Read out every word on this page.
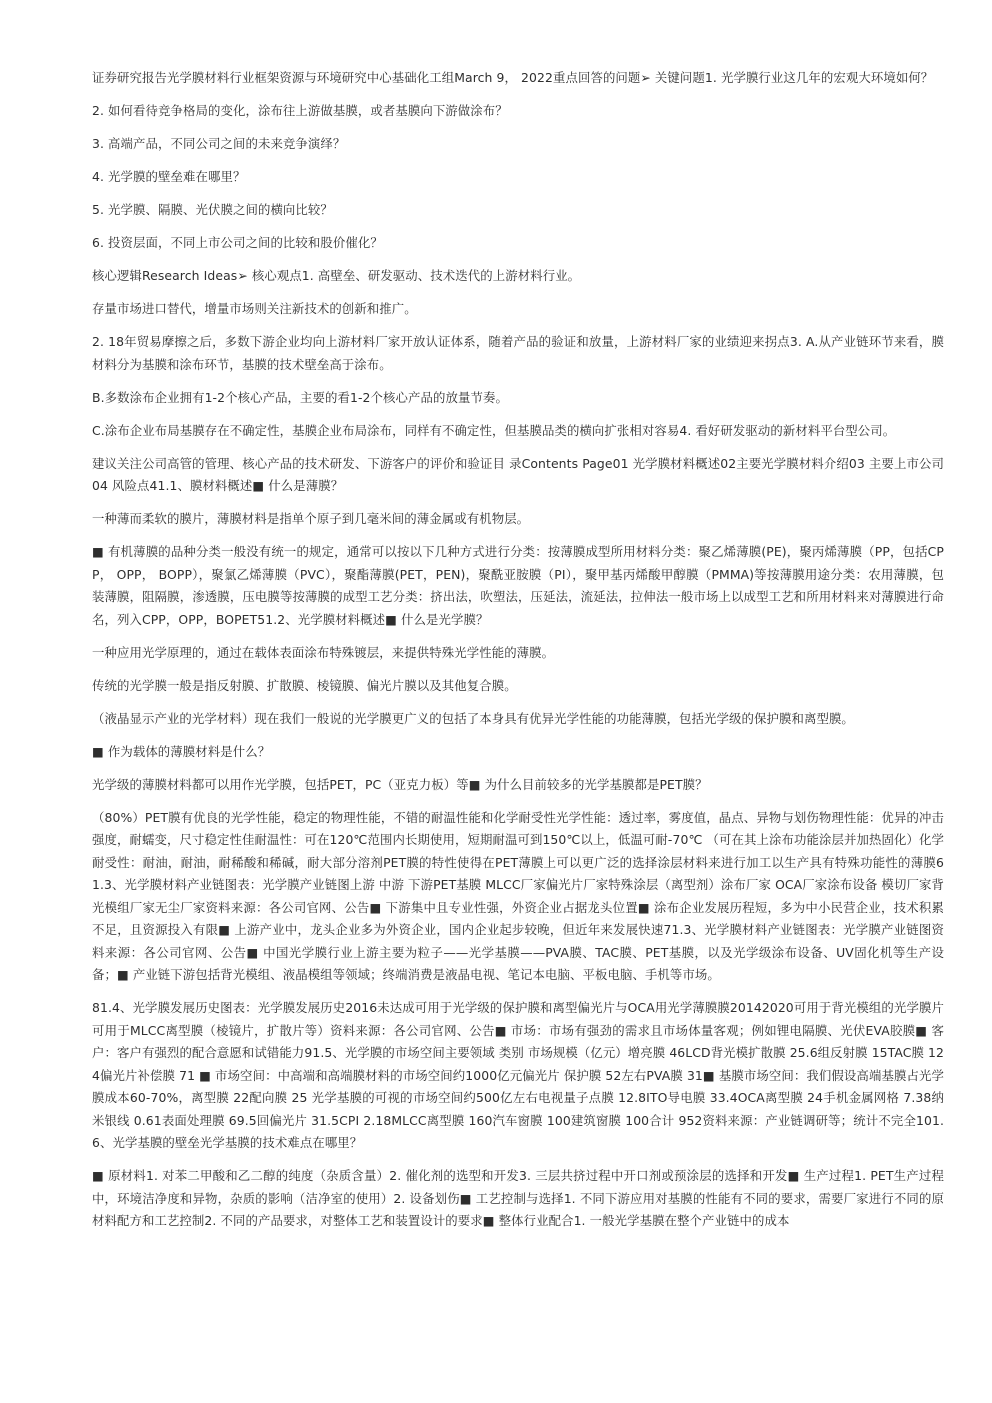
证券研究报告光学膜材料行业框架资源与环境研究中心基础化工组March 9， 2022重点回答的问题➢ 关键问题1. 光学膜行业这几年的宏观大环境如何？

2. 如何看待竞争格局的变化，涂布往上游做基膜，或者基膜向下游做涂布？

3. 高端产品，不同公司之间的未来竞争演绎？

4. 光学膜的壁垒难在哪里？

5. 光学膜、隔膜、光伏膜之间的横向比较？

6. 投资层面，不同上市公司之间的比较和股价催化？

核心逻辑Research Ideas➢ 核心观点1. 高壁垒、研发驱动、技术迭代的上游材料行业。

存量市场进口替代，增量市场则关注新技术的创新和推广。

2. 18年贸易摩擦之后，多数下游企业均向上游材料厂家开放认证体系，随着产品的验证和放量，上游材料厂家的业绩迎来拐点3. A.从产业链环节来看，膜材料分为基膜和涂布环节，基膜的技术壁垒高于涂布。

B.多数涂布企业拥有1-2个核心产品，主要的看1-2个核心产品的放量节奏。

C.涂布企业布局基膜存在不确定性，基膜企业布局涂布，同样有不确定性，但基膜品类的横向扩张相对容易4. 看好研发驱动的新材料平台型公司。

建议关注公司高管的管理、核心产品的技术研发、下游客户的评价和验证目 录Contents Page01 光学膜材料概述02主要光学膜材料介绍03 主要上市公司04 风险点41.1、膜材料概述■ 什么是薄膜？

一种薄而柔软的膜片，薄膜材料是指单个原子到几毫米间的薄金属或有机物层。

■ 有机薄膜的品种分类一般没有统一的规定，通常可以按以下几种方式进行分类：按薄膜成型所用材料分类：聚乙烯薄膜(PE)，聚丙烯薄膜（PP，包括CPP， OPP， BOPP），聚氯乙烯薄膜（PVC），聚酯薄膜(PET，PEN)，聚酰亚胺膜（PI），聚甲基丙烯酸甲醇膜（PMMA)等按薄膜用途分类：农用薄膜，包装薄膜，阻隔膜，渗透膜，压电膜等按薄膜的成型工艺分类：挤出法，吹塑法，压延法，流延法，拉伸法一般市场上以成型工艺和所用材料来对薄膜进行命名，列入CPP，OPP，BOPET51.2、光学膜材料概述■ 什么是光学膜？

一种应用光学原理的，通过在载体表面涂布特殊镀层，来提供特殊光学性能的薄膜。

传统的光学膜一般是指反射膜、扩散膜、棱镜膜、偏光片膜以及其他复合膜。

（液晶显示产业的光学材料）现在我们一般说的光学膜更广义的包括了本身具有优异光学性能的功能薄膜，包括光学级的保护膜和离型膜。

■ 作为载体的薄膜材料是什么？

光学级的薄膜材料都可以用作光学膜，包括PET，PC（亚克力板）等■ 为什么目前较多的光学基膜都是PET膜？

（80%）PET膜有优良的光学性能，稳定的物理性能，不错的耐温性能和化学耐受性光学性能：透过率，雾度值，晶点、异物与划伤物理性能：优异的冲击强度，耐蠕变，尺寸稳定性佳耐温性：可在120℃范围内长期使用，短期耐温可到150℃以上，低温可耐-70℃ （可在其上涂布功能涂层并加热固化）化学耐受性：耐油，耐油，耐稀酸和稀碱，耐大部分溶剂PET膜的特性使得在PET薄膜上可以更广泛的选择涂层材料来进行加工以生产具有特殊功能性的薄膜61.3、光学膜材料产业链图表：光学膜产业链图上游 中游 下游PET基膜 MLCC厂家偏光片厂家特殊涂层（离型剂）涂布厂家 OCA厂家涂布设备 模切厂家背光模组厂家无尘厂家资料来源：各公司官网、公告■ 下游集中且专业性强，外资企业占据龙头位置■ 涂布企业发展历程短，多为中小民营企业，技术积累不足，且资源投入有限■ 上游产业中，龙头企业多为外资企业，国内企业起步较晚，但近年来发展快速71.3、光学膜材料产业链图表：光学膜产业链图资料来源：各公司官网、公告■ 中国光学膜行业上游主要为粒子——光学基膜——PVA膜、TAC膜、PET基膜，以及光学级涂布设备、UV固化机等生产设备；■ 产业链下游包括背光模组、液晶模组等领域；终端消费是液晶电视、笔记本电脑、平板电脑、手机等市场。

81.4、光学膜发展历史图表：光学膜发展历史2016未达成可用于光学级的保护膜和离型偏光片与OCA用光学薄膜膜20142020可用于背光模组的光学膜片可用于MLCC离型膜（棱镜片，扩散片等）资料来源：各公司官网、公告■ 市场：市场有强劲的需求且市场体量客观；例如锂电隔膜、光伏EVA胶膜■ 客户：客户有强烈的配合意愿和试错能力91.5、光学膜的市场空间主要领域 类别 市场规模（亿元）增亮膜 46LCD背光模扩散膜 25.6组反射膜 15TAC膜 124偏光片补偿膜 71 ■ 市场空间：中高端和高端膜材料的市场空间约1000亿元偏光片 保护膜 52左右PVA膜 31■ 基膜市场空间：我们假设高端基膜占光学膜成本60-70%，离型膜 22配向膜 25 光学基膜的可视的市场空间约500亿左右电视量子点膜 12.8ITO导电膜 33.4OCA离型膜 24手机金属网格 7.38纳米银线 0.61表面处理膜 69.5回偏光片 31.5CPI 2.18MLCC离型膜 160汽车窗膜 100建筑窗膜 100合计 952资料来源：产业链调研等；统计不完全101.6、光学基膜的壁垒光学基膜的技术难点在哪里？

■ 原材料1. 对苯二甲酸和乙二醇的纯度（杂质含量）2. 催化剂的选型和开发3. 三层共挤过程中开口剂或预涂层的选择和开发■ 生产过程1. PET生产过程中，环境洁净度和异物，杂质的影响（洁净室的使用）2. 设备划伤■ 工艺控制与选择1. 不同下游应用对基膜的性能有不同的要求，需要厂家进行不同的原材料配方和工艺控制2. 不同的产品要求，对整体工艺和装置设计的要求■ 整体行业配合1. 一般光学基膜在整个产业链中的成本
